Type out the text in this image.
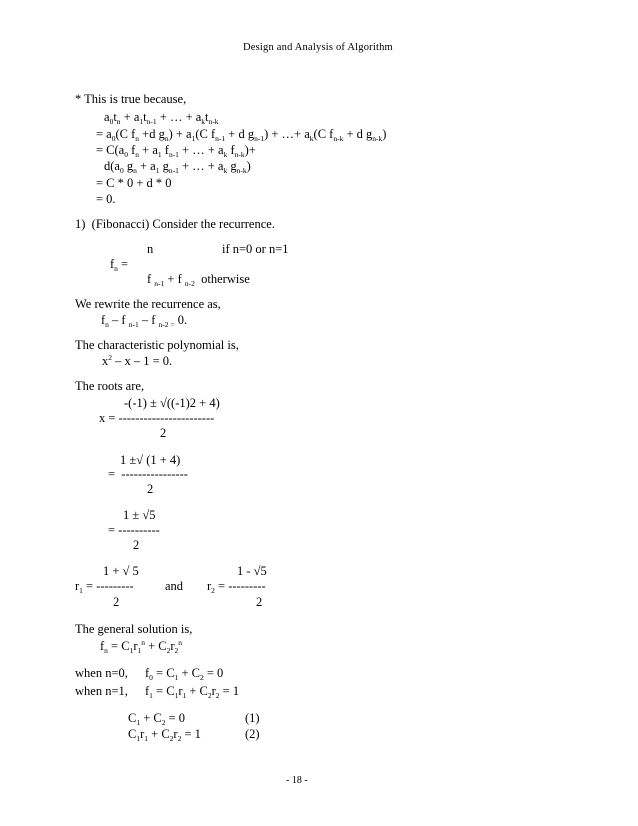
Design and Analysis of Algorithm
* This is true because,
$a_0t_n + a_1t_{n-1}$ + … + $a_kt_{n-k}$
= $a_0(C$ $f_n +d$ $g_n) + a_1(C$ $f_{n-1} + d$ $g_{n-1}$) + …+ $a_k(C$ $f_{n-k} + d$ $g_{n-k}$)
= $C(a_0$ $f_n + a_1$ $f_{n-1}$ + … + $a_k$ $f_{n-k})+$
$d(a_0$ $g_n + a_1$ $g_{n-1}$ + … + $a_k$ $g_{n-k}$)
= C * 0 + d * 0
= 0.
1)  (Fibonacci) Consider the recurrence.
n	if n=0 or n=1
$f_n$ =
f $_{n-1}$ + f $_{n-2}$  otherwise
We rewrite the recurrence as,
$f_n$ – f $_{n-1}$ – f $_{n-2 =}$ 0.
The characteristic polynomial is,
$x^2 - x - 1 = 0$.
The roots are,
-(-1) ± √((-1)2 + 4)
x = -----------------------
2
1 ±√ (1 + 4)
=  ----------------
2
1 ± √5
= ----------
2
1 + √ 5	1 - √5
$r_1$ = ---------	and $r_2$ = ---------
2	2
The general solution is,
$f_n = C_1r_1^n + C_2r_2^n$
when n=0, $f_0 = C_1 + C_2 = 0$
when n=1, $f_1 = C_1r_1 + C_2r_2 = 1$
$C_1 + C_2 = 0$	(1)
$C_1r_1 + C_2r_2 = 1$	(2)
- 18 -
